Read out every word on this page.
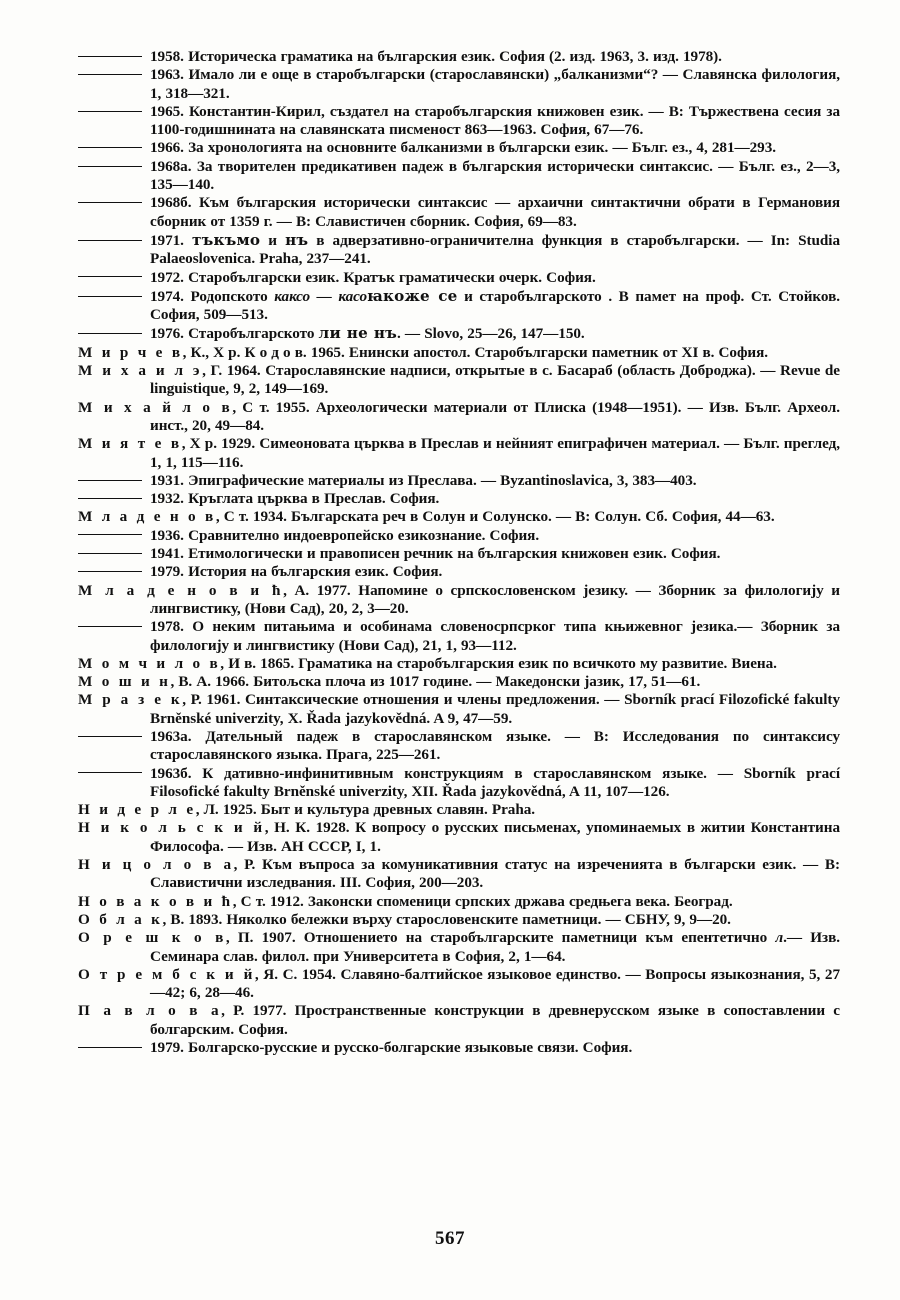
1958. Историческа граматика на българския език. София (2. изд. 1963, 3. изд. 1978).

1963. Имало ли е още в старобългарски (старославянски) „балканизми“? — Славянска филология, 1, 318—321.

1965. Константин-Кирил, създател на старобългарския книжовен език. — В: Тържествена сесия за 1100-годишнината на славянската писменост 863—1963. София, 67—76.

1966. За хронологията на основните балканизми в български език. — Бълг. ез., 4, 281—293.

1968а. За творителен предикативен падеж в българския исторически синтаксис. — Бълг. ез., 2—3, 135—140.

1968б. Към българския исторически синтаксис — архаични синтактични обрати в Германовия сборник от 1359 г. — В: Славистичен сборник. София, 69—83.

1971. тъкъмо и нъ в адверзативно-ограничителна функция в старобългарски. — In: Studia Palaeoslovenica. Praha, 237—241.

1972. Старобългарски език. Кратък граматически очерк. София.

1974. Родопското каксо — касоꙗкоже се и старобългарското . В памет на проф. Ст. Стойков. София, 509—513.

1976. Старобългарското ли не нъ. — Slovo, 25—26, 147—150.

М и р ч е в, К., Х р. К о д о в. 1965. Енински апостол. Старобългарски паметник от XI в. София.

М и х а и л э, Г. 1964. Старославянские надписи, открытые в с. Басараб (область Доброджа). — Revue de linguistique, 9, 2, 149—169.

М и х а й л о в, С т. 1955. Археологически материали от Плиска (1948—1951). — Изв. Бълг. Археол. инст., 20, 49—84.

М и я т е в, Х р. 1929. Симеоновата църква в Преслав и нейният епиграфичен материал. — Бълг. преглед, 1, 1, 115—116.

1931. Эпиграфические материалы из Преслава. — Byzantinoslavica, 3, 383—403.

1932. Кръглата църква в Преслав. София.

М л а д е н о в, С т. 1934. Българската реч в Солун и Солунско. — В: Солун. Сб. София, 44—63.

1936. Сравнително индоевропейско езикознание. София.

1941. Етимологически и правописен речник на българския книжовен език. София.

1979. История на българския език. София.

М л а д е н о в и ћ, А. 1977. Напомине о српскословенском језику. — Зборник за филологију и лингвистику, (Нови Сад), 20, 2, 3—20.

1978. О неким питањима и особинама словеносрпсрког типа књижевног језика.— Зборник за филологију и лингвистику (Нови Сад), 21, 1, 93—112.

М о м ч и л о в, И в. 1865. Граматика на старобългарския език по всичкото му развитие. Виена.

М о ш и н, В. А. 1966. Битољска плоча из 1017 године. — Македонски јазик, 17, 51—61.

М р а з е к, Р. 1961. Синтаксические отношения и члены предложения. — Sborník prací Filozofické fakulty Brněnské univerzity, X. Řada jazykovědná. A 9, 47—59.

1963а. Дательный падеж в старославянском языке. — В: Исследования по синтаксису старославянского языка. Прага, 225—261.

1963б. К дативно-инфинитивным конструкциям в старославянском языке. — Sborník prací Filosofické fakulty Brněnské univerzity, XII. Řada jazykovědná, A 11, 107—126.

Н и д е р л е, Л. 1925. Быт и культура древных славян. Praha.

Н и к о л ь с к и й, Н. К. 1928. К вопросу о русских письменах, упоминаемых в житии Константина Философа. — Изв. АН СССР, I, 1.

Н и ц о л о в а, Р. Към въпроса за комуникативния статус на изреченията в български език. — В: Славистични изследвания. III. София, 200—203.

Н о в а к о в и ћ, С т. 1912. Законски споменици српских држава средњега века. Београд.

О б л а к, В. 1893. Няколко бележки върху старословенските паметници. — СБНУ, 9, 9—20.

О р е ш к о в, П. 1907. Отношението на старобългарските паметници към епентетично л.— Изв. Семинара слав. филол. при Университета в София, 2, 1—64.

О т р е м б с к и й, Я. С. 1954. Славяно-балтийское языковое единство. — Вопросы языкознания, 5, 27—42; 6, 28—46.

П а в л о в а, Р. 1977. Пространственные конструкции в древнерусском языке в сопоставлении с болгарским. София.

1979. Болгарско-русские и русско-болгарские языковые связи. София.

567
